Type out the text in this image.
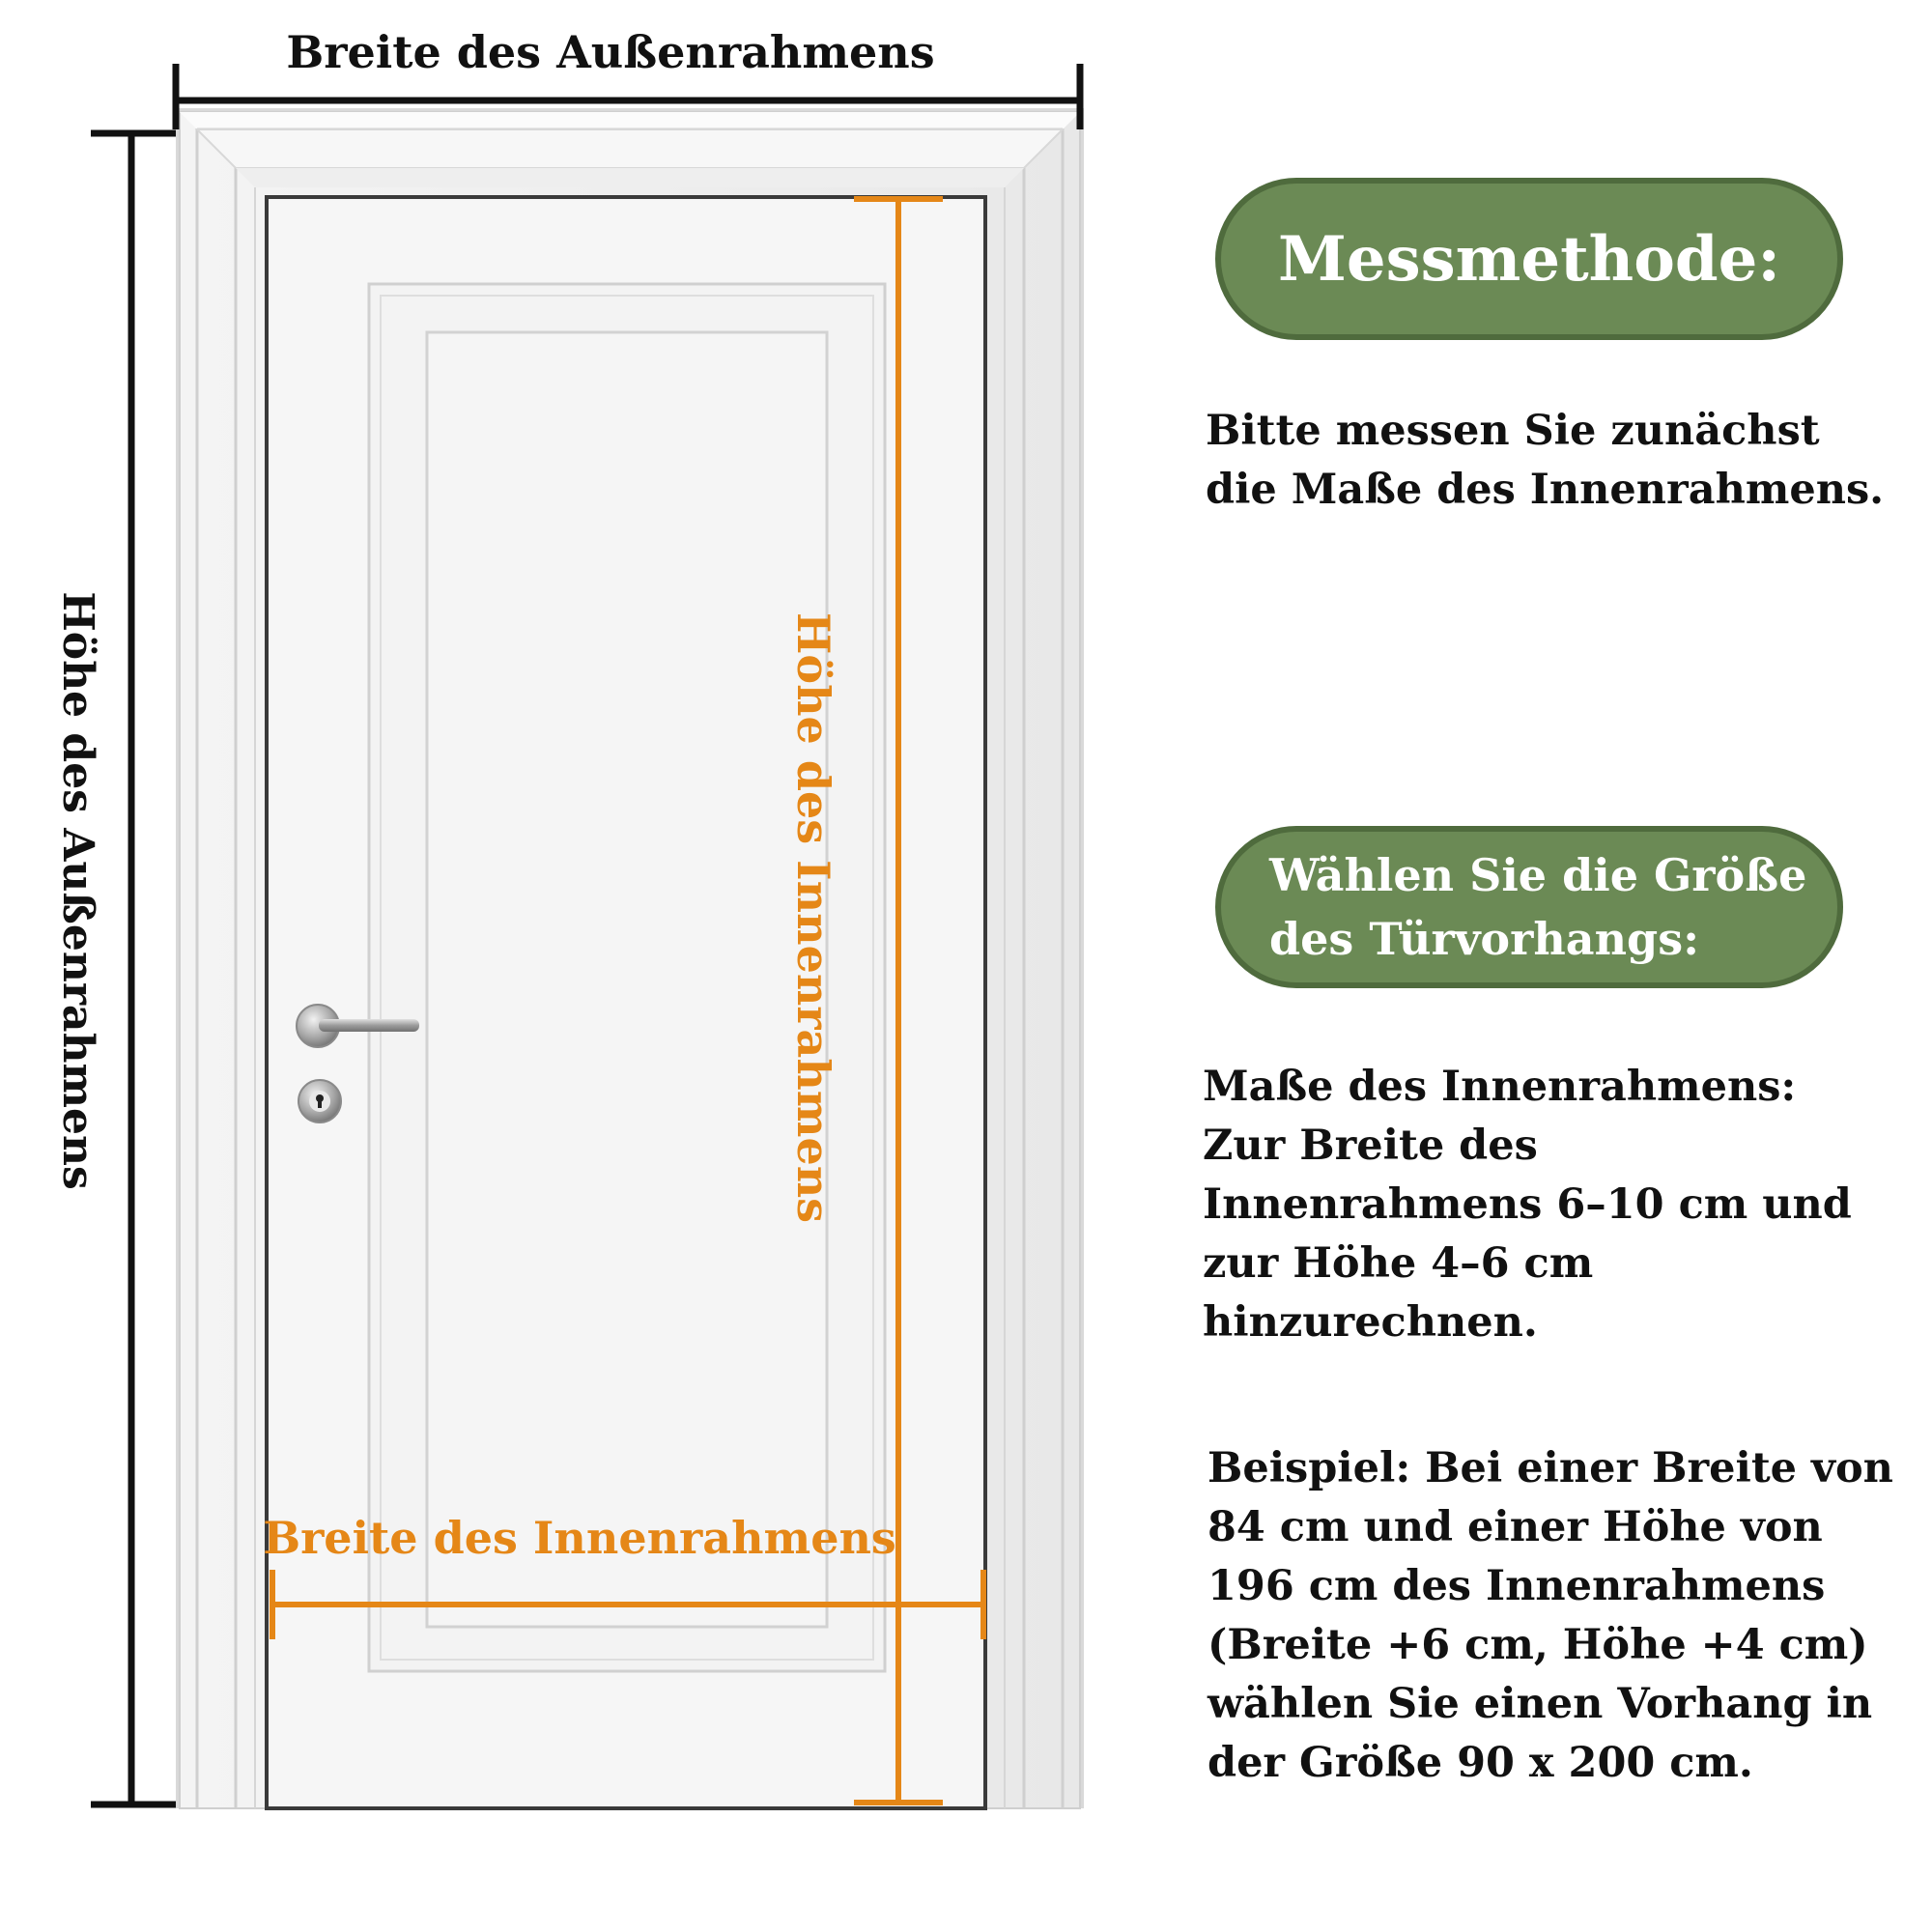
Breite des Außenrahmens
Höhe des Außenrahmens	Höhe des Innenrahmens
Breite des Innenrahmens
Messmethode:
Bitte messen Sie zunächst die Maße des Innenrahmens.
Wählen Sie die Größe des Türvorhangs:
Maße des Innenrahmens: Zur Breite des Innenrahmens 6–10 cm und zur Höhe 4–6 cm hinzurechnen.
Beispiel: Bei einer Breite von 84 cm und einer Höhe von 196 cm des Innenrahmens (Breite +6 cm, Höhe +4 cm) wählen Sie einen Vorhang in der Größe 90 x 200 cm.
